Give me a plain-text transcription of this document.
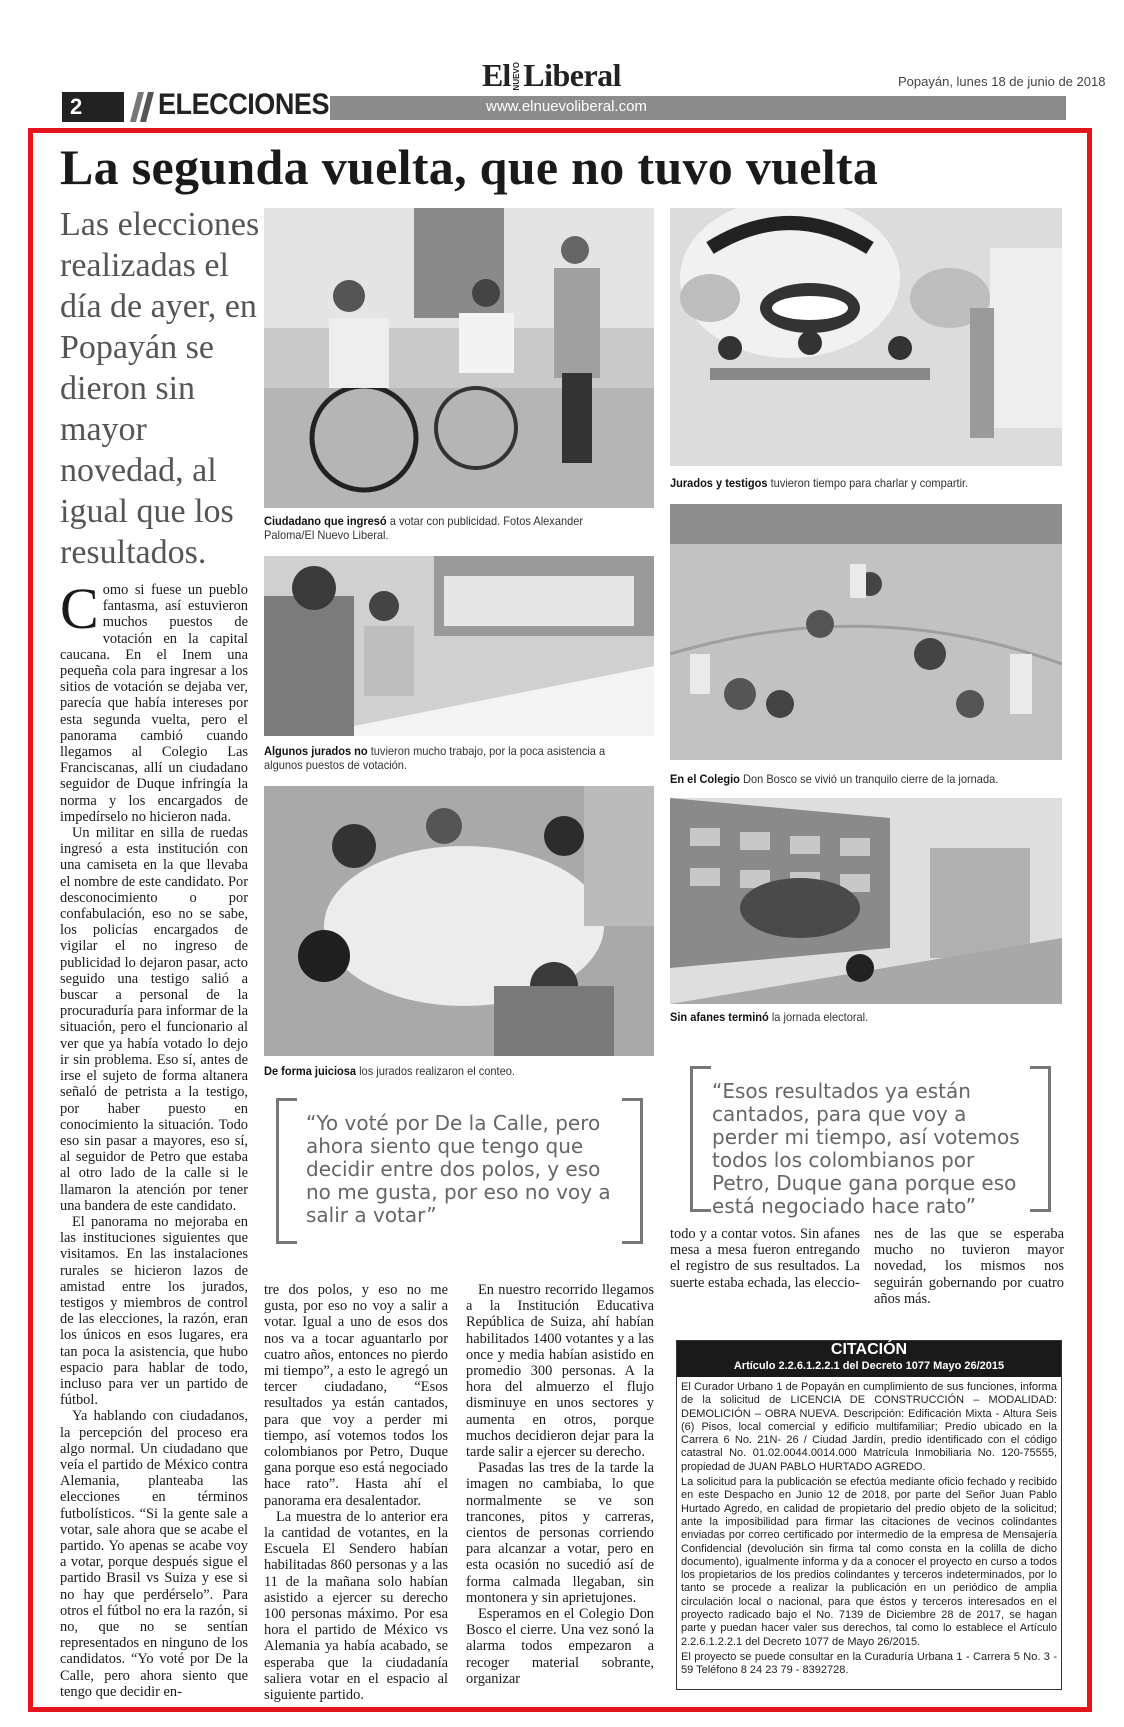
2	ELECCIONES	www.elnuevoliberal.com
El NUEVO Liberal	Popayán, lunes 18 de junio de 2018
La segunda vuelta, que no tuvo vuelta
Las elecciones realizadas el día de ayer, en Popayán se dieron sin mayor novedad, al igual que los resultados.

Como si fuese un pueblo fantasma, así estuvieron muchos puestos de votación en la capital caucana. En el Inem una pequeña cola para ingresar a los sitios de votación se dejaba ver, parecía que había intereses por esta segunda vuelta, pero el panorama cambió cuando llegamos al Colegio Las Franciscanas, allí un ciudadano seguidor de Duque infringía la norma y los encargados de impedírselo no hicieron nada.

Un militar en silla de ruedas ingresó a esta institución con una camiseta en la que llevaba el nombre de este candidato. Por desconocimiento o por confabulación, eso no se sabe, los policías encargados de vigilar el no ingreso de publicidad lo dejaron pasar, acto seguido una testigo salió a buscar a personal de la procuraduría para informar de la situación, pero el funcionario al ver que ya había votado lo dejo ir sin problema. Eso sí, antes de irse el sujeto de forma altanera señaló de petrista a la testigo, por haber puesto en conocimiento la situación. Todo eso sin pasar a mayores, eso sí, al seguidor de Petro que estaba al otro lado de la calle si le llamaron la atención por tener una bandera de este candidato.

El panorama no mejoraba en las instituciones siguientes que visitamos. En las instalaciones rurales se hicieron lazos de amistad entre los jurados, testigos y miembros de control de las elecciones, la razón, eran los únicos en esos lugares, era tan poca la asistencia, que hubo espacio para hablar de todo, incluso para ver un partido de fútbol.

Ya hablando con ciudadanos, la percepción del proceso era algo normal. Un ciudadano que veía el partido de México contra Alemania, planteaba las elecciones en términos futbolísticos. “Si la gente sale a votar, sale ahora que se acabe el partido. Yo apenas se acabe voy a votar, porque después sigue el partido Brasil vs Suiza y ese si no hay que perdérselo”. Para otros el fútbol no era la razón, si no, que no se sentían representados en ninguno de los candidatos. “Yo voté por De la Calle, pero ahora siento que tengo que decidir en-

tre dos polos, y eso no me gusta, por eso no voy a salir a votar. Igual a uno de esos dos nos va a tocar aguantarlo por cuatro años, entonces no pierdo mi tiempo”, a esto le agregó un tercer ciudadano, “Esos resultados ya están cantados, para que voy a perder mi tiempo, así votemos todos los colombianos por Petro, Duque gana porque eso está negociado hace rato”. Hasta ahí el panorama era desalentador.

La muestra de lo anterior era la cantidad de votantes, en la Escuela El Sendero habían habilitadas 860 personas y a las 11 de la mañana solo habían asistido a ejercer su derecho 100 personas máximo. Por esa hora el partido de México vs Alemania ya había acabado, se esperaba que la ciudadanía saliera votar en el espacio al siguiente partido.

En nuestro recorrido llegamos a la Institución Educativa República de Suiza, ahí habían habilitados 1400 votantes y a las once y media habían asistido en promedio 300 personas. A la hora del almuerzo el flujo disminuye en unos sectores y aumenta en otros, porque muchos decidieron dejar para la tarde salir a ejercer su derecho.

Pasadas las tres de la tarde la imagen no cambiaba, lo que normalmente se ve son trancones, pitos y carreras, cientos de personas corriendo para alcanzar a votar, pero en esta ocasión no sucedió así de forma calmada llegaban, sin montonera y sin aprietujones.

Esperamos en el Colegio Don Bosco el cierre. Una vez sonó la alarma todos empezaron a recoger material sobrante, organizar

todo y a contar votos. Sin afanes mesa a mesa fueron entregando el registro de sus resultados. La suerte estaba echada, las eleccio-

nes de las que se esperaba mucho no tuvieron mayor novedad, los mismos nos seguirán gobernando por cuatro años más.

Ciudadano que ingresó a votar con publicidad. Fotos Alexander Paloma/El Nuevo Liberal.
Algunos jurados no tuvieron mucho trabajo, por la poca asistencia a algunos puestos de votación.
De forma juiciosa los jurados realizaron el conteo.
Jurados y testigos tuvieron tiempo para charlar y compartir.
En el Colegio Don Bosco se vivió un tranquilo cierre de la jornada.
Sin afanes terminó la jornada electoral.
“Yo voté por De la Calle, pero ahora siento que tengo que decidir entre dos polos, y eso no me gusta, por eso no voy a salir a votar”
“Esos resultados ya están cantados, para que voy a perder mi tiempo, así votemos todos los colombianos por Petro, Duque gana porque eso está negociado hace rato”
CITACIÓN
Artículo 2.2.6.1.2.2.1 del Decreto 1077 Mayo 26/2015

El Curador Urbano 1 de Popayán en cumplimiento de sus funciones, informa de la solicitud de LICENCIA DE CONSTRUCCIÓN – MODALIDAD: DEMOLICIÓN – OBRA NUEVA. Descripción: Edificación Mixta - Altura Seis (6) Pisos, local comercial y edificio multifamiliar; Predio ubicado en la Carrera 6 No. 21N- 26 / Ciudad Jardín, predio identificado con el código catastral No. 01.02.0044.0014.000 Matrícula Inmobiliaria No. 120-75555, propiedad de JUAN PABLO HURTADO AGREDO.

La solicitud para la publicación se efectúa mediante oficio fechado y recibido en este Despacho en Junio 12 de 2018, por parte del Señor Juan Pablo Hurtado Agredo, en calidad de propietario del predio objeto de la solicitud; ante la imposibilidad para firmar las citaciones de vecinos colindantes enviadas por correo certificado por intermedio de la empresa de Mensajería Confidencial (devolución sin firma tal como consta en la colilla de dicho documento), igualmente informa y da a conocer el proyecto en curso a todos los propietarios de los predios colindantes y terceros indeterminados, por lo tanto se procede a realizar la publicación en un periódico de amplia circulación local o nacional, para que éstos y terceros interesados en el proyecto radicado bajo el No. 7139 de Diciembre 28 de 2017, se hagan parte y puedan hacer valer sus derechos, tal como lo establece el Artículo 2.2.6.1.2.2.1 del Decreto 1077 de Mayo 26/2015.

El proyecto se puede consultar en la Curaduría Urbana 1 - Carrera 5 No. 3 - 59 Teléfono 8 24 23 79 - 8392728.
